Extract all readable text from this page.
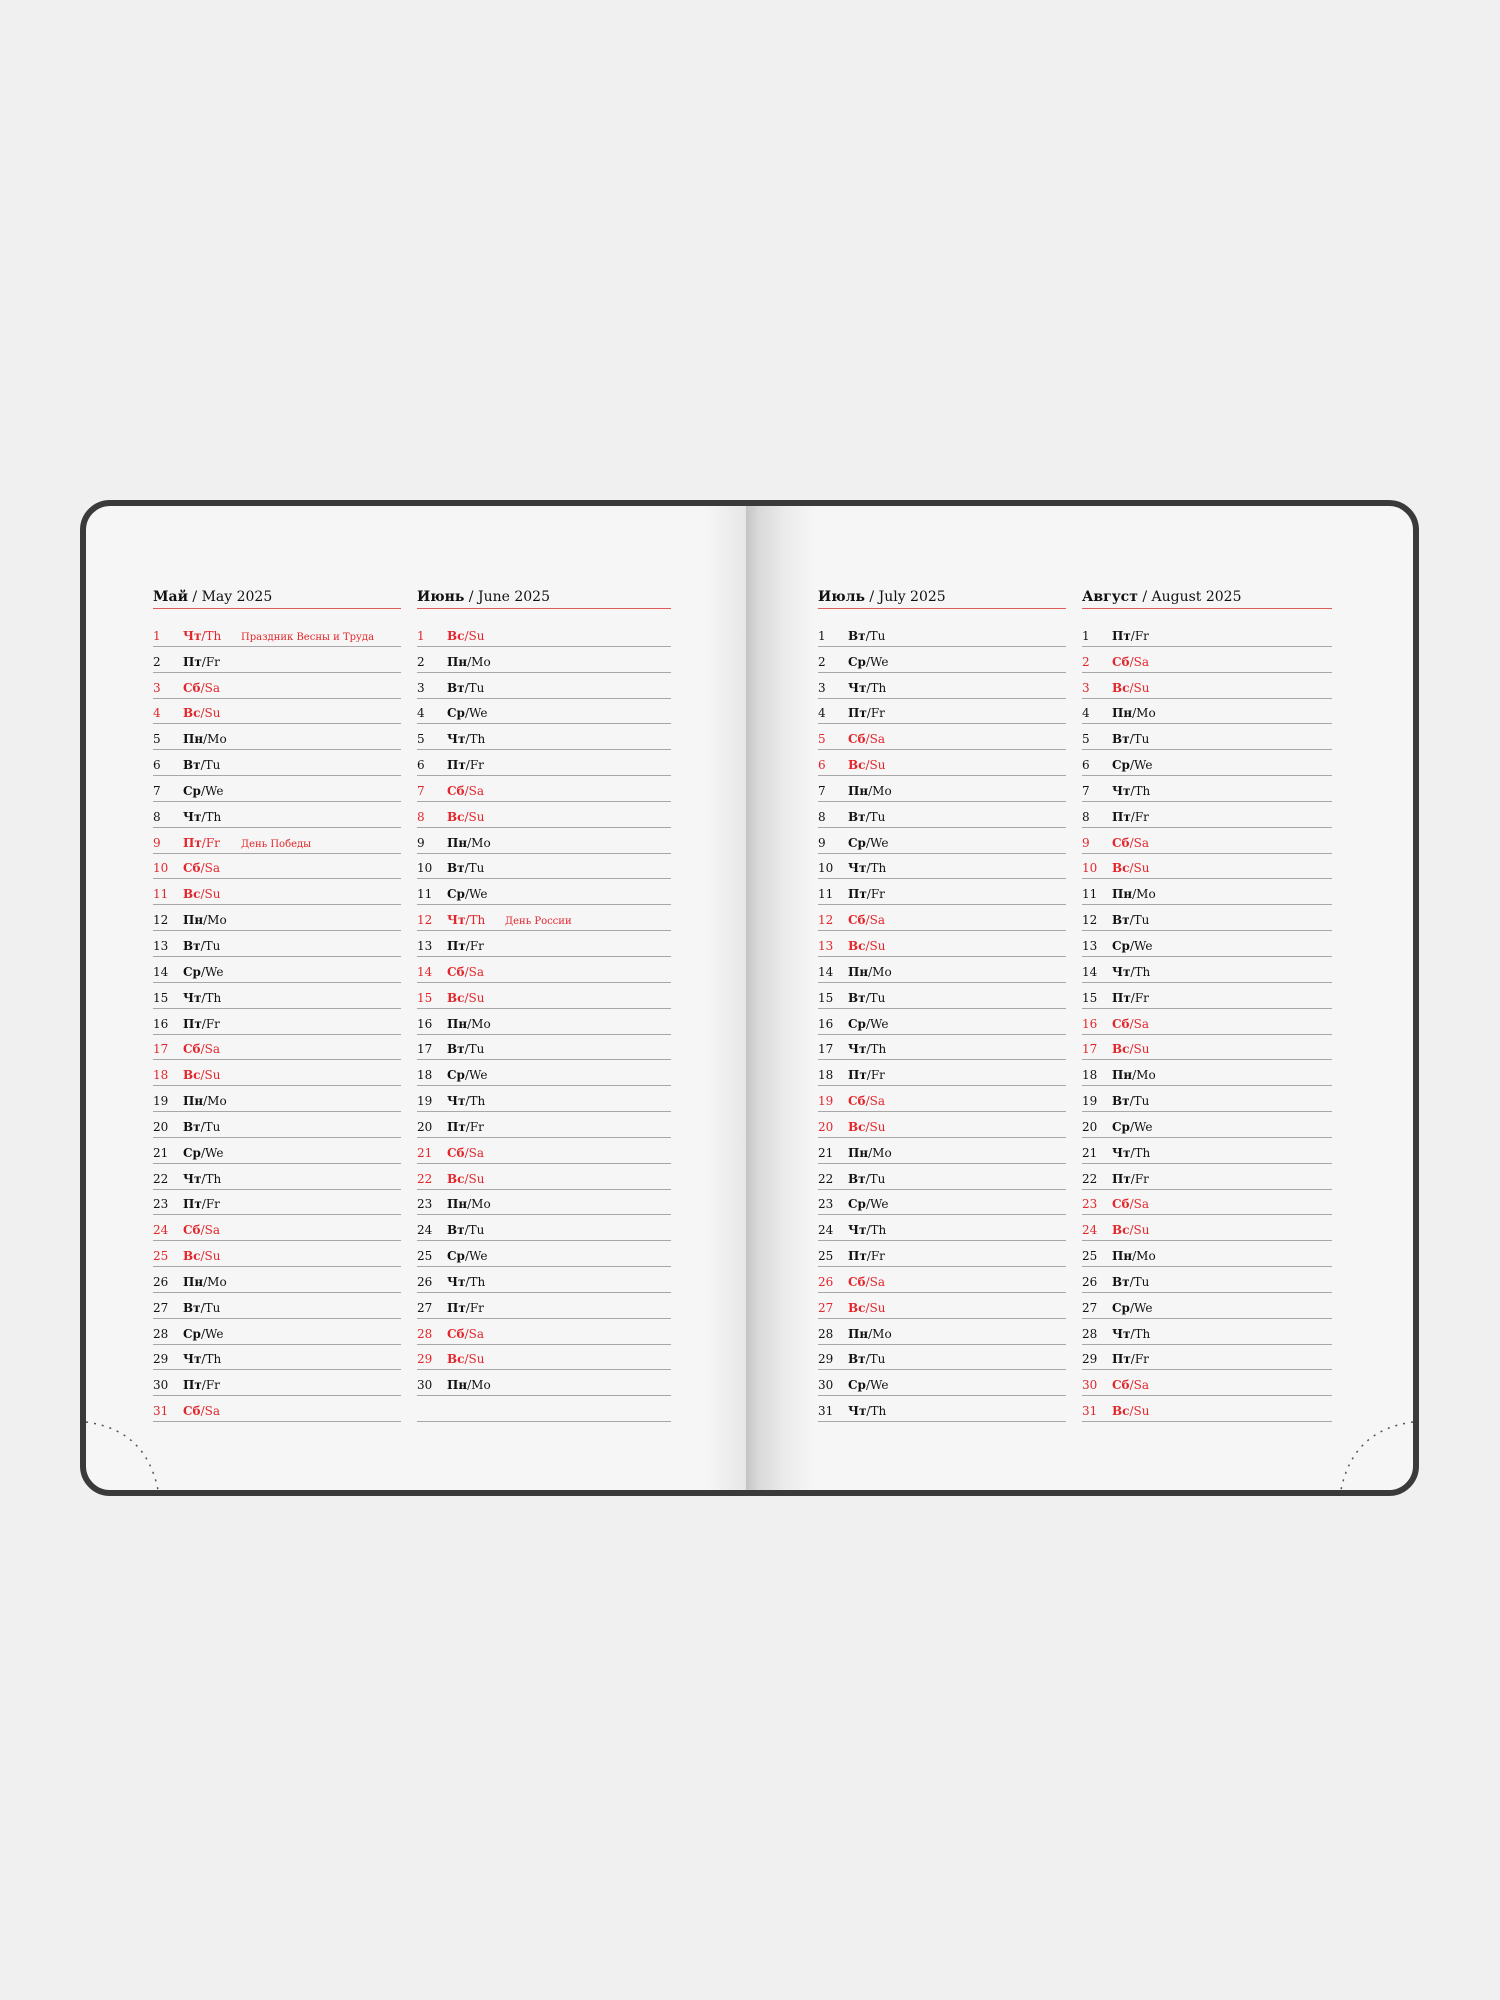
Май / May 2025
1	Чт/Th	Праздник Весны и Труда
2	Пт/Fr
3	Сб/Sa
4	Вс/Su
5	Пн/Mo
6	Вт/Tu
7	Ср/We
8	Чт/Th
9	Пт/Fr	День Победы
10	Сб/Sa
11	Вс/Su
12	Пн/Mo
13	Вт/Tu
14	Ср/We
15	Чт/Th
16	Пт/Fr
17	Сб/Sa
18	Вс/Su
19	Пн/Mo
20	Вт/Tu
21	Ср/We
22	Чт/Th
23	Пт/Fr
24	Сб/Sa
25	Вс/Su
26	Пн/Mo
27	Вт/Tu
28	Ср/We
29	Чт/Th
30	Пт/Fr
31	Сб/Sa
Июнь / June 2025
1	Вс/Su
2	Пн/Mo
3	Вт/Tu
4	Ср/We
5	Чт/Th
6	Пт/Fr
7	Сб/Sa
8	Вс/Su
9	Пн/Mo
10	Вт/Tu
11	Ср/We
12	Чт/Th	День России
13	Пт/Fr
14	Сб/Sa
15	Вс/Su
16	Пн/Mo
17	Вт/Tu
18	Ср/We
19	Чт/Th
20	Пт/Fr
21	Сб/Sa
22	Вс/Su
23	Пн/Mo
24	Вт/Tu
25	Ср/We
26	Чт/Th
27	Пт/Fr
28	Сб/Sa
29	Вс/Su
30	Пн/Mo
Июль / July 2025
1	Вт/Tu
2	Ср/We
3	Чт/Th
4	Пт/Fr
5	Сб/Sa
6	Вс/Su
7	Пн/Mo
8	Вт/Tu
9	Ср/We
10	Чт/Th
11	Пт/Fr
12	Сб/Sa
13	Вс/Su
14	Пн/Mo
15	Вт/Tu
16	Ср/We
17	Чт/Th
18	Пт/Fr
19	Сб/Sa
20	Вс/Su
21	Пн/Mo
22	Вт/Tu
23	Ср/We
24	Чт/Th
25	Пт/Fr
26	Сб/Sa
27	Вс/Su
28	Пн/Mo
29	Вт/Tu
30	Ср/We
31	Чт/Th
Август / August 2025
1	Пт/Fr
2	Сб/Sa
3	Вс/Su
4	Пн/Mo
5	Вт/Tu
6	Ср/We
7	Чт/Th
8	Пт/Fr
9	Сб/Sa
10	Вс/Su
11	Пн/Mo
12	Вт/Tu
13	Ср/We
14	Чт/Th
15	Пт/Fr
16	Сб/Sa
17	Вс/Su
18	Пн/Mo
19	Вт/Tu
20	Ср/We
21	Чт/Th
22	Пт/Fr
23	Сб/Sa
24	Вс/Su
25	Пн/Mo
26	Вт/Tu
27	Ср/We
28	Чт/Th
29	Пт/Fr
30	Сб/Sa
31	Вс/Su
